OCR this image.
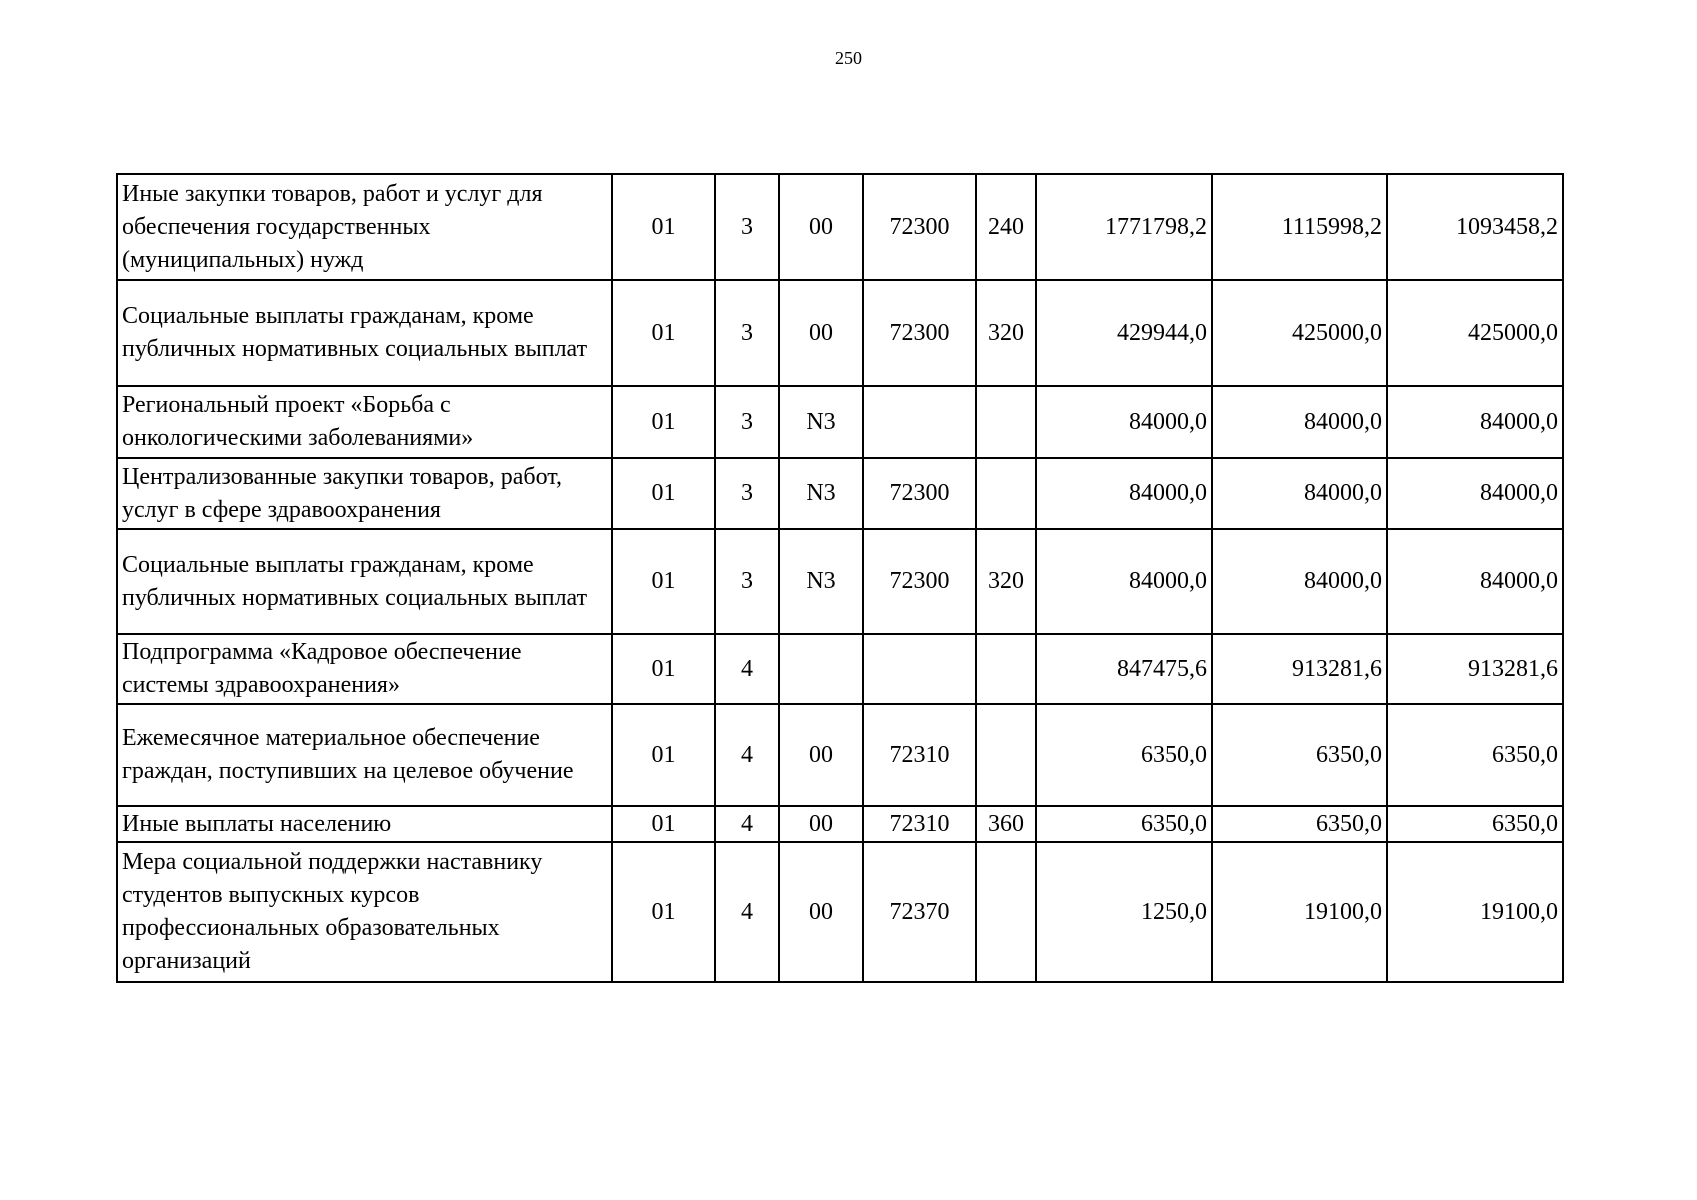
250
Иные закупки товаров, работ и услуг для обеспечения государственных (муниципальных) нужд	01	3	00	72300	240	1771798,2	1115998,2	1093458,2
Социальные выплаты гражданам, кроме публичных нормативных социальных выплат	01	3	00	72300	320	429944,0	425000,0	425000,0
Региональный проект «Борьба с онкологическими заболеваниями»	01	3	N3			84000,0	84000,0	84000,0
Централизованные закупки товаров, работ, услуг в сфере здравоохранения	01	3	N3	72300		84000,0	84000,0	84000,0
Социальные выплаты гражданам, кроме публичных нормативных социальных выплат	01	3	N3	72300	320	84000,0	84000,0	84000,0
Подпрограмма «Кадровое обеспечение системы здравоохранения»	01	4				847475,6	913281,6	913281,6
Ежемесячное материальное обеспечение граждан, поступивших на целевое обучение	01	4	00	72310		6350,0	6350,0	6350,0
Иные выплаты населению	01	4	00	72310	360	6350,0	6350,0	6350,0
Мера социальной поддержки наставнику студентов выпускных курсов профессиональных образовательных организаций	01	4	00	72370		1250,0	19100,0	19100,0
